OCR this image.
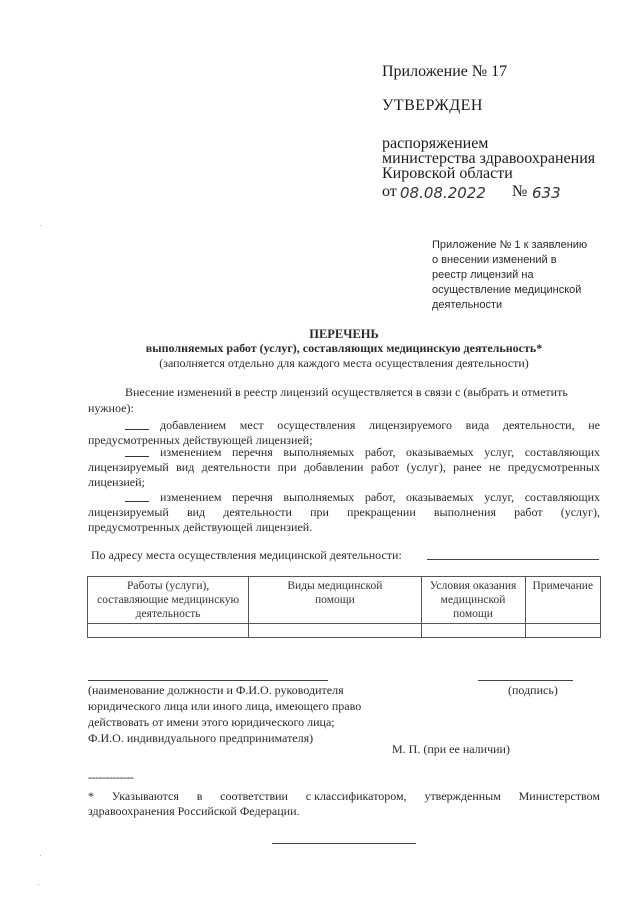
Приложение № 17
УТВЕРЖДЕН
распоряжением
министерства здравоохранения
Кировской области
от 08.08.2022 № 633
Приложение № 1 к заявлению
о внесении изменений в
реестр лицензий на
осуществление медицинской
деятельности
ПЕРЕЧЕНЬ
выполняемых работ (услуг), составляющих медицинскую деятельность*
(заполняется отдельно для каждого места осуществления деятельности)
Внесение изменений в реестр лицензий осуществляется в связи с (выбрать и отметить
нужное):
добавлением мест осуществления лицензируемого вида деятельности, не
предусмотренных действующей лицензией;
изменением перечня выполняемых работ, оказываемых услуг, составляющих
лицензируемый вид деятельности при добавлении работ (услуг), ранее не предусмотренных
лицензией;
изменением перечня выполняемых работ, оказываемых услуг, составляющих
лицензируемый вид деятельности при прекращении выполнения работ (услуг),
предусмотренных действующей лицензией.
По адресу места осуществления медицинской деятельности:
Работы (услуги), составляющие медицинскую деятельность	Виды медицинской помощи	Условия оказания медицинской помощи	Примечание

(наименование должности и Ф.И.О. руководителя	(подпись)
юридического лица или иного лица, имеющего право
действовать от имени этого юридического лица;
Ф.И.О. индивидуального предпринимателя)
М. П. (при ее наличии)
-------------
* Указываются в соответствии с классификатором, утвержденным Министерством
здравоохранения Российской Федерации.
